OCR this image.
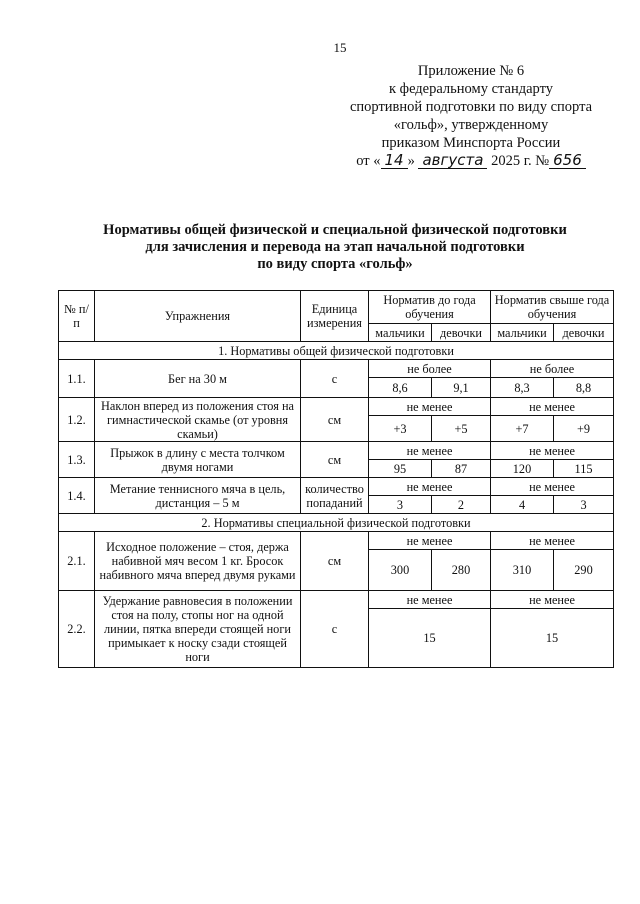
15
Приложение № 6
к федеральному стандарту
спортивной подготовки по виду спорта
«гольф», утвержденному
приказом Минспорта России
от « 14 » августа 2025 г. № 656
Нормативы общей физической и специальной физической подготовки
для зачисления и перевода на этап начальной подготовки
по виду спорта «гольф»
№ п/п	Упражнения	Единица измерения	Норматив до года обучения		Норматив свыше года обучения	
			мальчики	девочки	мальчики	девочки
1. Нормативы общей физической подготовки						
1.1.	Бег на 30 м	с	не более		не более	
			8,6	9,1	8,3	8,8
1.2.	Наклон вперед из положения стоя на гимнастической скамье (от уровня скамьи)	см	не менее		не менее	
			+3	+5	+7	+9
1.3.	Прыжок в длину с места толчком двумя ногами	см	не менее		не менее	
			95	87	120	115
1.4.	Метание теннисного мяча в цель, дистанция – 5 м	количество попаданий	не менее		не менее	
			3	2	4	3
2. Нормативы специальной физической подготовки						
2.1.	Исходное положение – стоя, держа набивной мяч весом 1 кг. Бросок набивного мяча вперед двумя руками	см	не менее		не менее	
			300	280	310	290
2.2.	Удержание равновесия в положении стоя на полу, стопы ног на одной линии, пятка впереди стоящей ноги примыкает к носку сзади стоящей ноги	с	не менее		не менее	
			15		15	
